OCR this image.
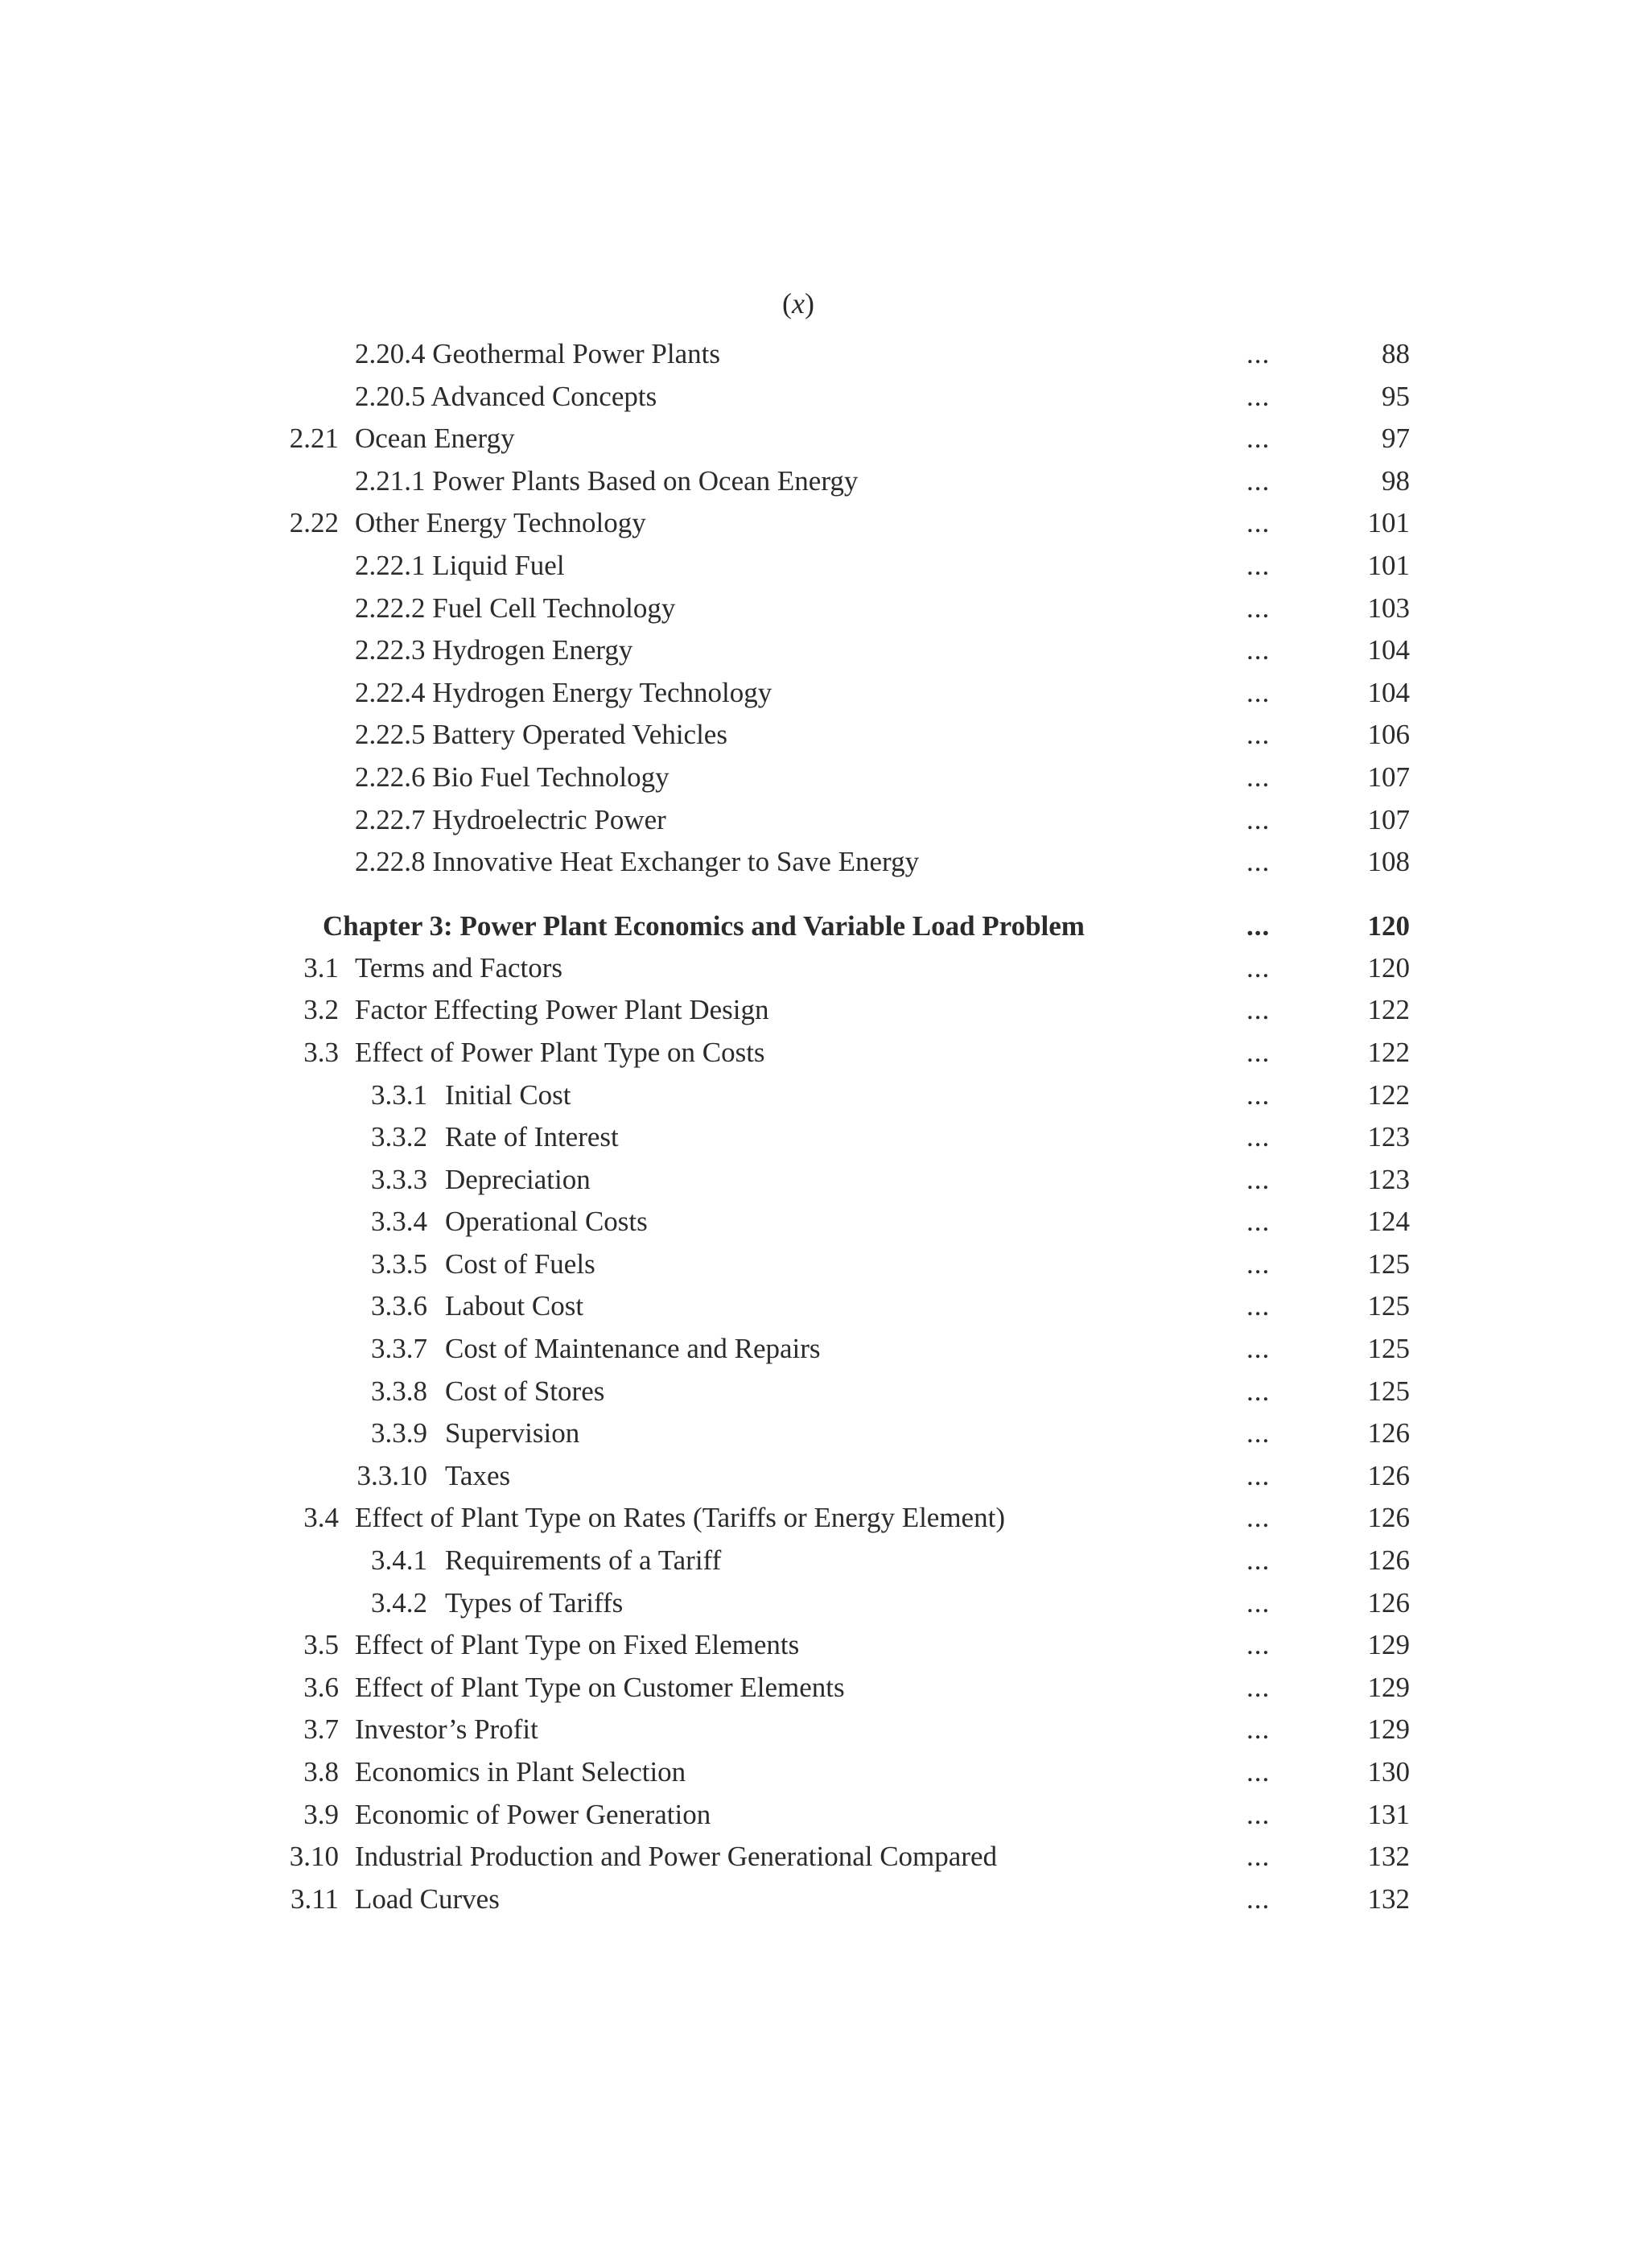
(x)
2.20.4 Geothermal Power Plants	...	88
2.20.5 Advanced Concepts	...	95
2.21 Ocean Energy	...	97
2.21.1 Power Plants Based on Ocean Energy	...	98
2.22 Other Energy Technology	...	101
2.22.1 Liquid Fuel	...	101
2.22.2 Fuel Cell Technology	...	103
2.22.3 Hydrogen Energy	...	104
2.22.4 Hydrogen Energy Technology	...	104
2.22.5 Battery Operated Vehicles	...	106
2.22.6 Bio Fuel Technology	...	107
2.22.7 Hydroelectric Power	...	107
2.22.8 Innovative Heat Exchanger to Save Energy	...	108
Chapter 3: Power Plant Economics and Variable Load Problem	...	120
3.1 Terms and Factors	...	120
3.2 Factor Effecting Power Plant Design	...	122
3.3 Effect of Power Plant Type on Costs	...	122
3.3.1 Initial Cost	...	122
3.3.2 Rate of Interest	...	123
3.3.3 Depreciation	...	123
3.3.4 Operational Costs	...	124
3.3.5 Cost of Fuels	...	125
3.3.6 Labout Cost	...	125
3.3.7 Cost of Maintenance and Repairs	...	125
3.3.8 Cost of Stores	...	125
3.3.9 Supervision	...	126
3.3.10 Taxes	...	126
3.4 Effect of Plant Type on Rates (Tariffs or Energy Element)	...	126
3.4.1 Requirements of a Tariff	...	126
3.4.2 Types of Tariffs	...	126
3.5 Effect of Plant Type on Fixed Elements	...	129
3.6 Effect of Plant Type on Customer Elements	...	129
3.7 Investor’s Profit	...	129
3.8 Economics in Plant Selection	...	130
3.9 Economic of Power Generation	...	131
3.10 Industrial Production and Power Generational Compared	...	132
3.11 Load Curves	...	132
